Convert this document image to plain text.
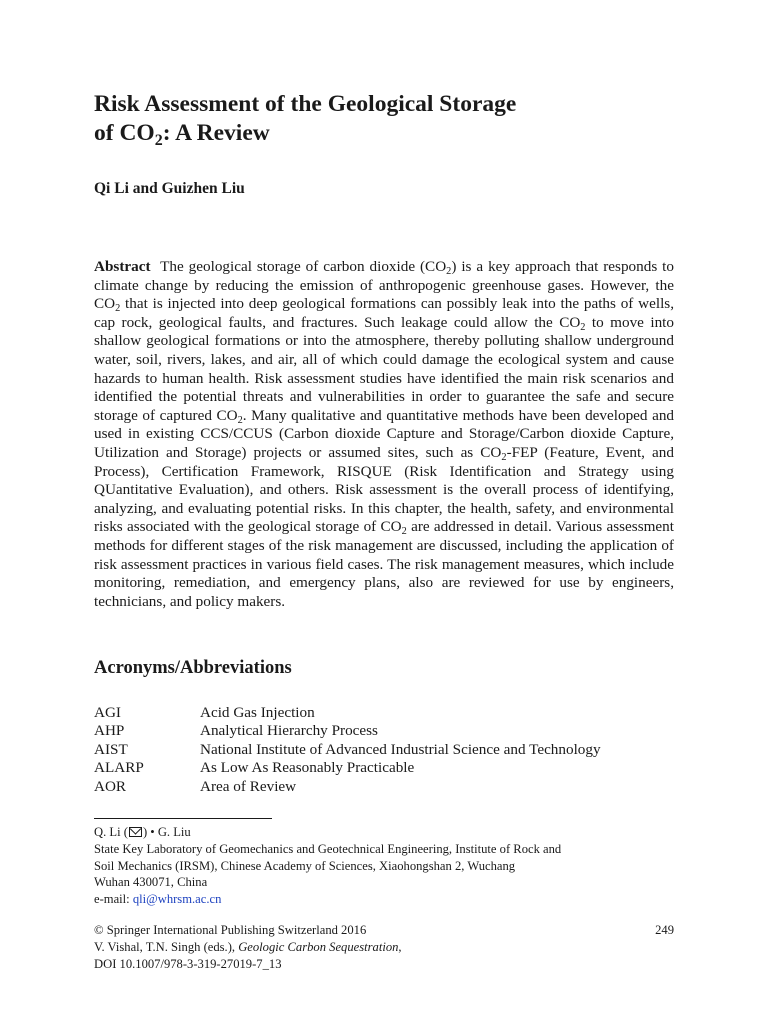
Risk Assessment of the Geological Storage
of $CO_2$: A Review
Qi Li and Guizhen Liu
Abstract The geological storage of carbon dioxide $(CO_2)$ is a key approach that responds to climate change by reducing the emission of anthropogenic greenhouse gases. However, the $CO_2$ that is injected into deep geological formations can possibly leak into the paths of wells, cap rock, geological faults, and fractures. Such leakage could allow the $CO_2$ to move into shallow geological formations or into the atmosphere, thereby polluting shallow underground water, soil, rivers, lakes, and air, all of which could damage the ecological system and cause hazards to human health. Risk assessment studies have identified the main risk scenarios and identified the potential threats and vulnerabilities in order to guarantee the safe and secure storage of captured $CO_2$. Many qualitative and quantitative methods have been developed and used in existing CCS/CCUS (Carbon dioxide Capture and Storage/Carbon dioxide Capture, Utilization and Storage) projects or assumed sites, such as $CO_2$-FEP (Feature, Event, and Process), Certification Framework, RISQUE (Risk Identification and Strategy using QUantitative Evaluation), and others. Risk assessment is the overall process of identifying, analyzing, and evaluating potential risks. In this chapter, the health, safety, and environmental risks associated with the geological storage of $CO_2$ are addressed in detail. Various assessment methods for different stages of the risk management are discussed, including the application of risk assessment practices in various field cases. The risk management measures, which include monitoring, remediation, and emergency plans, also are reviewed for use by engineers, technicians, and policy makers.
Acronyms/Abbreviations
AGI	Acid Gas Injection
AHP	Analytical Hierarchy Process
AIST	National Institute of Advanced Industrial Science and Technology
ALARP	As Low As Reasonably Practicable
AOR	Area of Review
Q. Li ( ) • G. Liu
State Key Laboratory of Geomechanics and Geotechnical Engineering, Institute of Rock and
Soil Mechanics (IRSM), Chinese Academy of Sciences, Xiaohongshan 2, Wuchang
Wuhan 430071, China
e-mail: qli@whrsm.ac.cn
249
© Springer International Publishing Switzerland 2016
V. Vishal, T.N. Singh (eds.), Geologic Carbon Sequestration,
DOI 10.1007/978-3-319-27019-7_13
